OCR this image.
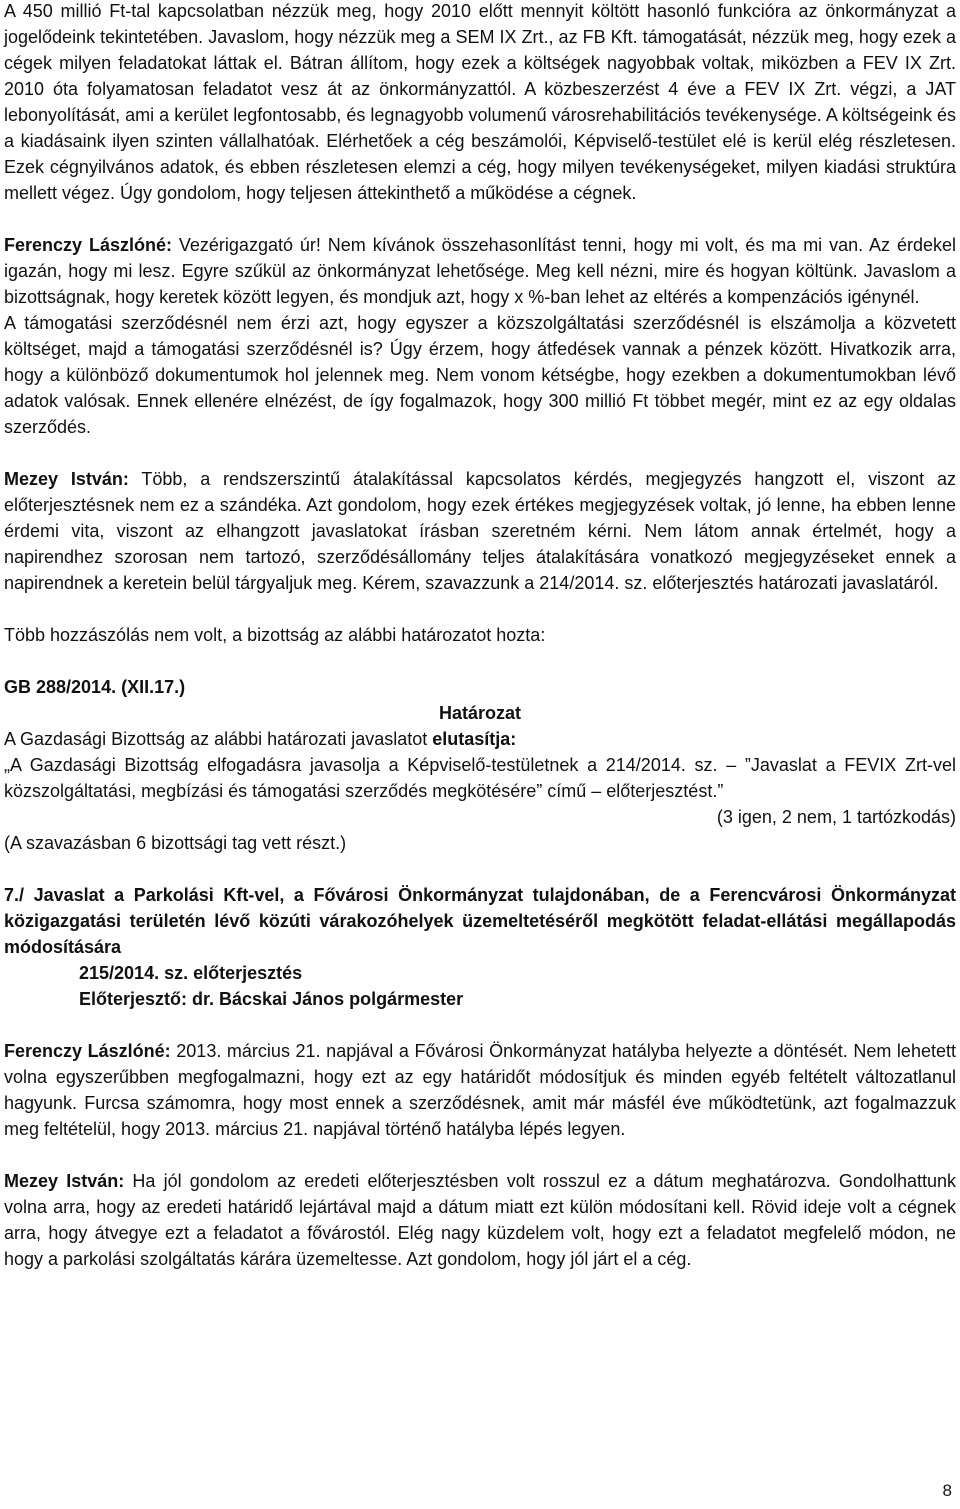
A 450 millió Ft-tal kapcsolatban nézzük meg, hogy 2010 előtt mennyit költött hasonló funkcióra az önkormányzat a jogelődeink tekintetében. Javaslom, hogy nézzük meg a SEM IX Zrt., az FB Kft. támogatását, nézzük meg, hogy ezek a cégek milyen feladatokat láttak el. Bátran állítom, hogy ezek a költségek nagyobbak voltak, miközben a FEV IX Zrt. 2010 óta folyamatosan feladatot vesz át az önkormányzattól. A közbeszerzést 4 éve a FEV IX Zrt. végzi, a JAT lebonyolítását, ami a kerület legfontosabb, és legnagyobb volumenű városrehabilitációs tevékenysége. A költségeink és a kiadásaink ilyen szinten vállalhatóak. Elérhetőek a cég beszámolói, Képviselő-testület elé is kerül elég részletesen. Ezek cégnyilvános adatok, és ebben részletesen elemzi a cég, hogy milyen tevékenységeket, milyen kiadási struktúra mellett végez. Úgy gondolom, hogy teljesen áttekinthető a működése a cégnek.

Ferenczy Lászlóné: Vezérigazgató úr! Nem kívánok összehasonlítást tenni, hogy mi volt, és ma mi van. Az érdekel igazán, hogy mi lesz. Egyre szűkül az önkormányzat lehetősége. Meg kell nézni, mire és hogyan költünk. Javaslom a bizottságnak, hogy keretek között legyen, és mondjuk azt, hogy x %-ban lehet az eltérés a kompenzációs igénynél.

A támogatási szerződésnél nem érzi azt, hogy egyszer a közszolgáltatási szerződésnél is elszámolja a közvetett költséget, majd a támogatási szerződésnél is? Úgy érzem, hogy átfedések vannak a pénzek között. Hivatkozik arra, hogy a különböző dokumentumok hol jelennek meg. Nem vonom kétségbe, hogy ezekben a dokumentumokban lévő adatok valósak. Ennek ellenére elnézést, de így fogalmazok, hogy 300 millió Ft többet megér, mint ez az egy oldalas szerződés.

Mezey István: Több, a rendszerszintű átalakítással kapcsolatos kérdés, megjegyzés hangzott el, viszont az előterjesztésnek nem ez a szándéka. Azt gondolom, hogy ezek értékes megjegyzések voltak, jó lenne, ha ebben lenne érdemi vita, viszont az elhangzott javaslatokat írásban szeretném kérni. Nem látom annak értelmét, hogy a napirendhez szorosan nem tartozó, szerződésállomány teljes átalakítására vonatkozó megjegyzéseket ennek a napirendnek a keretein belül tárgyaljuk meg. Kérem, szavazzunk a 214/2014. sz. előterjesztés határozati javaslatáról.

Több hozzászólás nem volt, a bizottság az alábbi határozatot hozta:

GB 288/2014. (XII.17.)

Határozat

A Gazdasági Bizottság az alábbi határozati javaslatot elutasítja:

„A Gazdasági Bizottság elfogadásra javasolja a Képviselő-testületnek a 214/2014. sz. – ”Javaslat a FEVIX Zrt-vel közszolgáltatási, megbízási és támogatási szerződés megkötésére” című – előterjesztést.”

(3 igen, 2 nem, 1 tartózkodás)

(A szavazásban 6 bizottsági tag vett részt.)

7./ Javaslat a Parkolási Kft-vel, a Fővárosi Önkormányzat tulajdonában, de a Ferencvárosi Önkormányzat közigazgatási területén lévő közúti várakozóhelyek üzemeltetéséről megkötött feladat-ellátási megállapodás módosítására

215/2014. sz. előterjesztés

Előterjesztő: dr. Bácskai János polgármester

Ferenczy Lászlóné: 2013. március 21. napjával a Fővárosi Önkormányzat hatályba helyezte a döntését. Nem lehetett volna egyszerűbben megfogalmazni, hogy ezt az egy határidőt módosítjuk és minden egyéb feltételt változatlanul hagyunk. Furcsa számomra, hogy most ennek a szerződésnek, amit már másfél éve működtetünk, azt fogalmazzuk meg feltételül, hogy 2013. március 21. napjával történő hatályba lépés legyen.

Mezey István: Ha jól gondolom az eredeti előterjesztésben volt rosszul ez a dátum meghatározva. Gondolhattunk volna arra, hogy az eredeti határidő lejártával majd a dátum miatt ezt külön módosítani kell. Rövid ideje volt a cégnek arra, hogy átvegye ezt a feladatot a fővárostól. Elég nagy küzdelem volt, hogy ezt a feladatot megfelelő módon, ne hogy a parkolási szolgáltatás kárára üzemeltesse. Azt gondolom, hogy jól járt el a cég.

8
